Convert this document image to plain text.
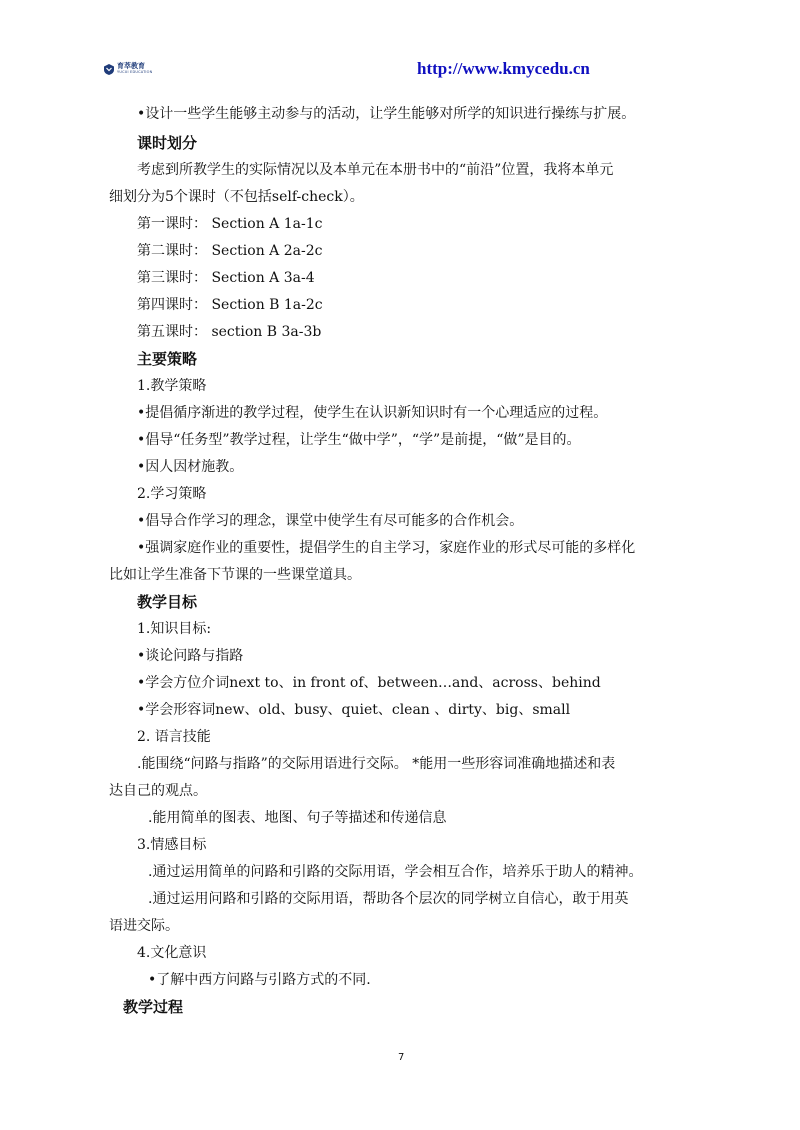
育萃教育
YUCUI EDUCATION	http://www.kmycedu.cn
•设计一些学生能够主动参与的活动，让学生能够对所学的知识进行操练与扩展。
课时划分
考虑到所教学生的实际情况以及本单元在本册书中的“前沿”位置，我将本单元
细划分为5个课时（不包括self-check）。
第一课时： Section A 1a-1c
第二课时： Section A 2a-2c
第三课时： Section A 3a-4
第四课时： Section B 1a-2c
第五课时： section B 3a-3b
主要策略
1.教学策略
•提倡循序渐进的教学过程，使学生在认识新知识时有一个心理适应的过程。
•倡导“任务型”教学过程，让学生“做中学”，“学”是前提，“做”是目的。
•因人因材施教。
2.学习策略
•倡导合作学习的理念，课堂中使学生有尽可能多的合作机会。
•强调家庭作业的重要性，提倡学生的自主学习，家庭作业的形式尽可能的多样化
比如让学生准备下节课的一些课堂道具。
教学目标
1.知识目标:
•谈论问路与指路
•学会方位介词next to、in front of、between…and、across、behind
•学会形容词new、old、busy、quiet、clean 、dirty、big、small
2. 语言技能
.能围绕“问路与指路”的交际用语进行交际。 *能用一些形容词准确地描述和表
达自己的观点。
.能用简单的图表、地图、句子等描述和传递信息
3.情感目标
.通过运用简单的问路和引路的交际用语，学会相互合作，培养乐于助人的精神。
.通过运用问路和引路的交际用语，帮助各个层次的同学树立自信心，敢于用英
语进交际。
4.文化意识
•了解中西方问路与引路方式的不同.
教学过程
7
